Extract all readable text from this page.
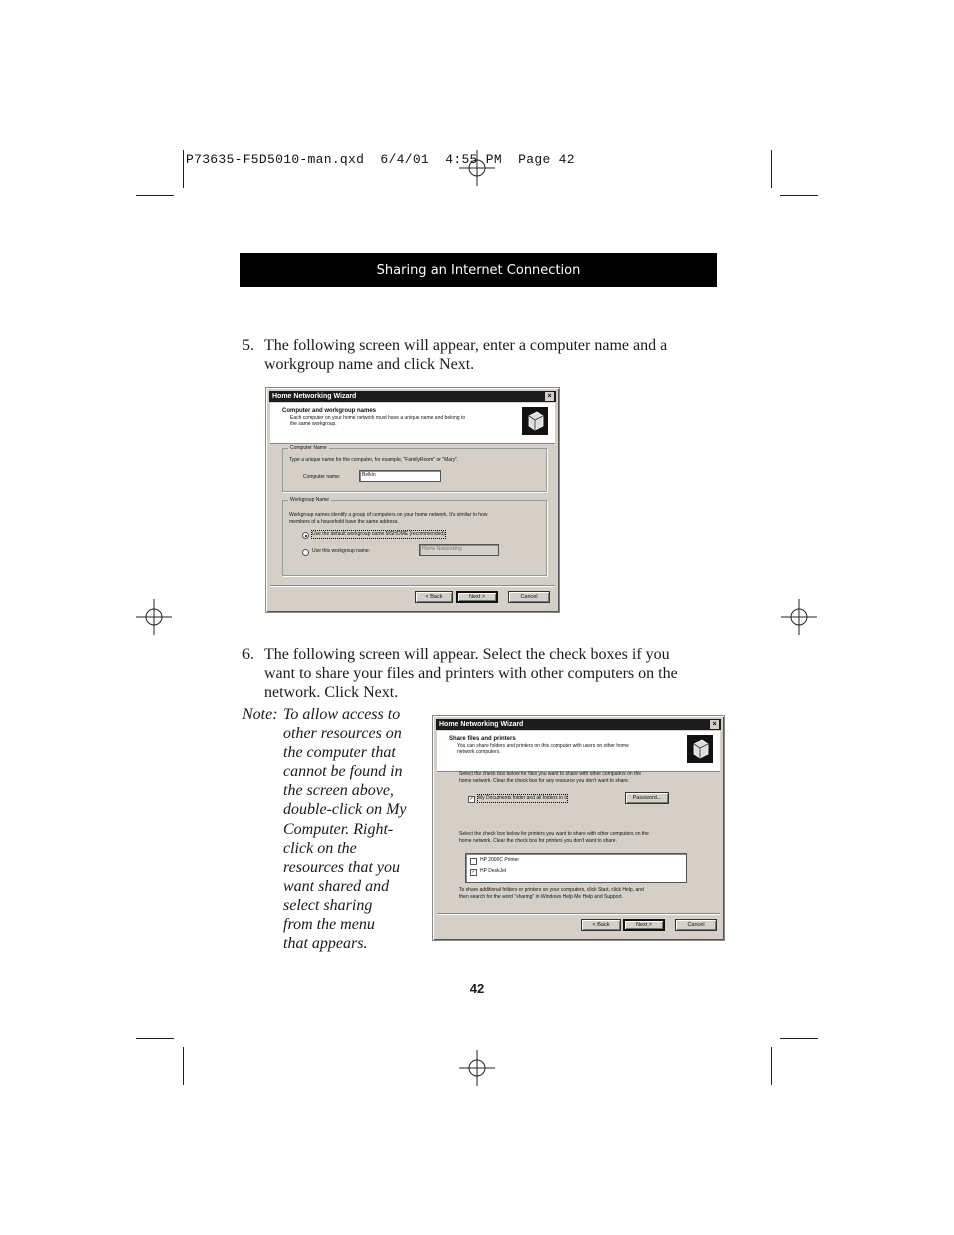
P73635-F5D5010-man.qxd  6/4/01  4:55 PM  Page 42
Sharing an Internet Connection
5. The following screen will appear, enter a computer name and a
workgroup name and click Next.
Home Networking Wizard	×
Computer and workgroup names
Each computer on your home network must have a unique name and belong to
the same workgroup.
Computer Name
Type a unique name for the computer, for example, "FamilyRoom" or "Mary".
Computer name:	Belkin
Workgroup Name
Workgroup names identify a group of computers on your home network. It's similar to how
members of a household have the same address.
Use the default workgroup name MSHOME (recommended)
Use this workgroup name:	Home Networking
< Back	Next >	Cancel
6. The following screen will appear. Select the check boxes if you
want to share your files and printers with other computers on the
network. Click Next.
Note: To allow access to
other resources on
the computer that
cannot be found in
the screen above,
double-click on My
Computer. Right-
click on the
resources that you
want shared and
select sharing
from the menu
that appears.
Home Networking Wizard	×
Share files and printers
You can share folders and printers on this computer with users on other home
network computers.
Select the check box below for files you want to share with other computers on the
home network. Clear the check box for any resource you don't want to share.
✓ My Documents folder and all folders in it	Password...
Select the check box below for printers you want to share with other computers on the
home network. Clear the check box for printers you don't want to share.
HP 2000C Printer
✓ HP DeskJet
To share additional folders or printers on your computers, click Start, click Help, and
then search for the word "sharing" in Windows Help Me Help and Support.
< Back	Next >	Cancel
42
